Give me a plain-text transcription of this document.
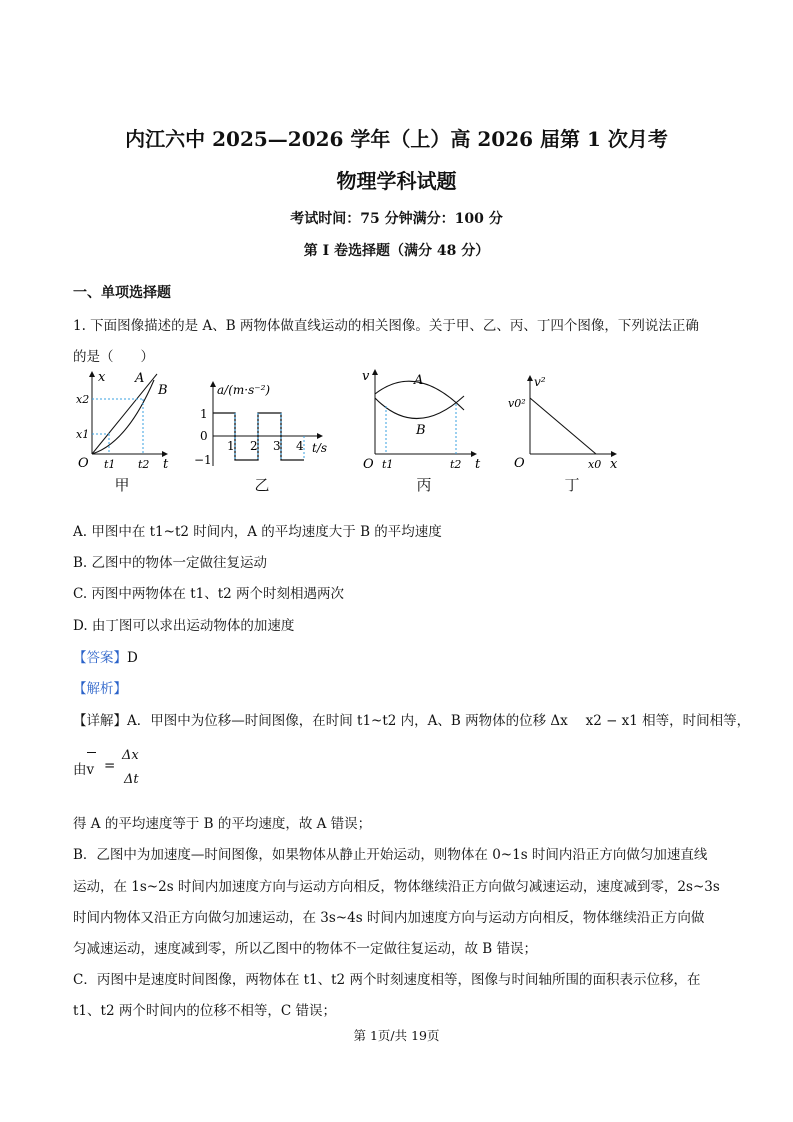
内江六中 2025—2026 学年（上）高 2026 届第 1 次月考
物理学科试题
考试时间：75 分钟满分：100 分
第 I 卷选择题（满分 48 分）
一、单项选择题
1. 下面图像描述的是 A、B 两物体做直线运动的相关图像。关于甲、乙、丙、丁四个图像，下列说法正确
的是（　　）
x
t
O t1 t2
x2
x1
A
B
甲
a/(m·s⁻²)
t/s
1
0
−1
1 2 3 4
乙
v
t
O t1	t2
A
B
丙
v²
x
O
v0²
x0
丁
A. 甲图中在 t1~t2 时间内，A 的平均速度大于 B 的平均速度
B. 乙图中的物体一定做往复运动
C. 丙图中两物体在 t1、t2 两个时刻相遇两次
D. 由丁图可以求出运动物体的加速度
【答案】D
【解析】
【详解】A．甲图中为位移—时间图像，在时间 t1~t2 内，A、B 两物体的位移 Δx　 x2 − x1 相等，时间相等，
由v =
Δx
Δt
得 A 的平均速度等于 B 的平均速度，故 A 错误；
B．乙图中为加速度—时间图像，如果物体从静止开始运动，则物体在 0~1s 时间内沿正方向做匀加速直线
运动，在 1s~2s 时间内加速度方向与运动方向相反，物体继续沿正方向做匀减速运动，速度减到零，2s~3s
时间内物体又沿正方向做匀加速运动，在 3s~4s 时间内加速度方向与运动方向相反，物体继续沿正方向做
匀减速运动，速度减到零，所以乙图中的物体不一定做往复运动，故 B 错误；
C．丙图中是速度时间图像，两物体在 t1、t2 两个时刻速度相等，图像与时间轴所围的面积表示位移，在
t1、t2 两个时间内的位移不相等，C 错误；
第 1页/共 19页
